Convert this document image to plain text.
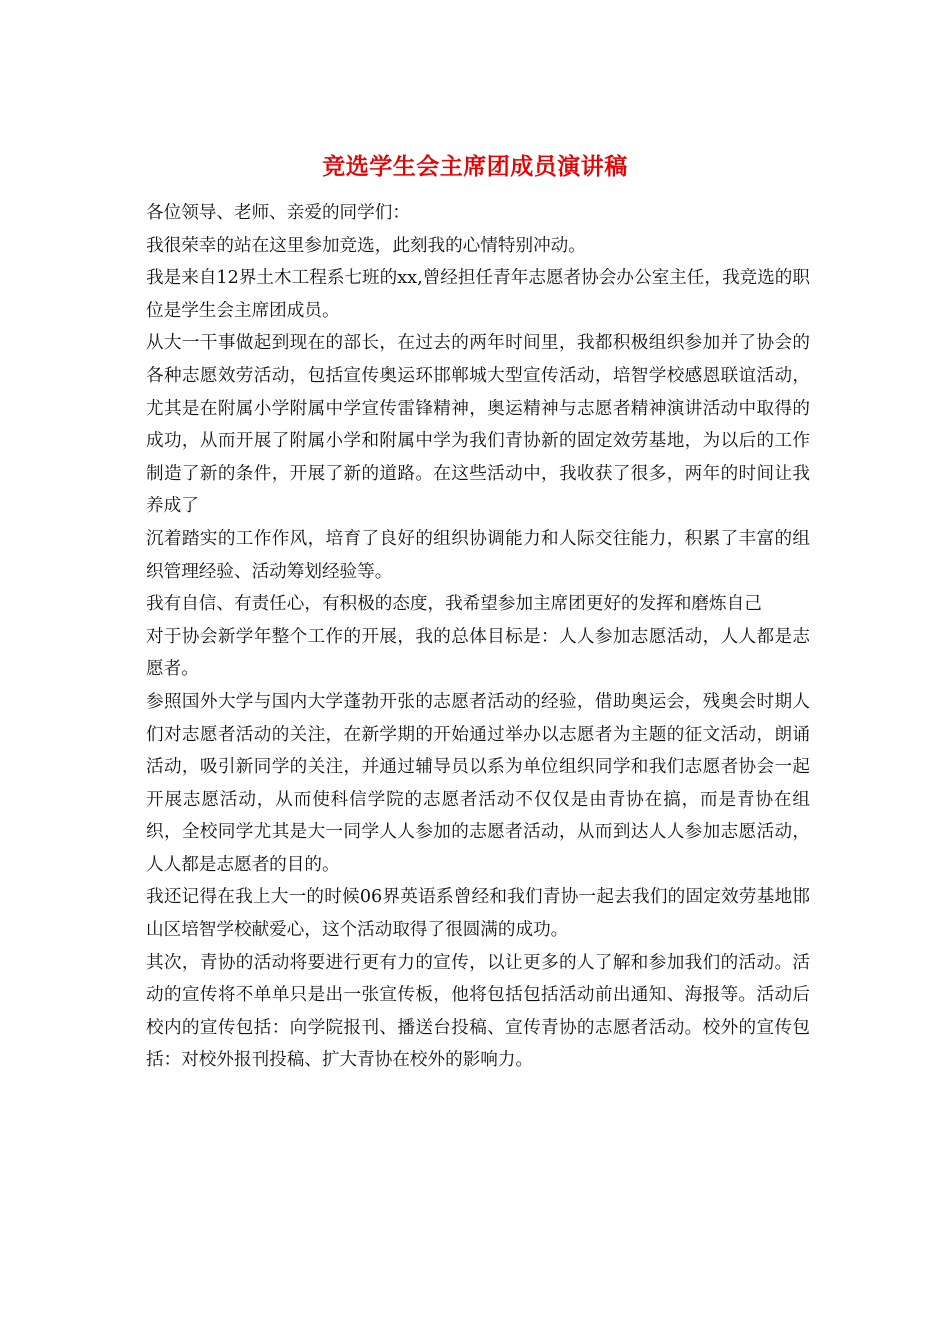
竞选学生会主席团成员演讲稿

各位领导、老师、亲爱的同学们：

我很荣幸的站在这里参加竞选，此刻我的心情特别冲动。

我是来自12界土木工程系七班的xx,曾经担任青年志愿者协会办公室主任，我竞选的职位是学生会主席团成员。

从大一干事做起到现在的部长，在过去的两年时间里，我都积极组织参加并了协会的各种志愿效劳活动，包括宣传奥运环邯郸城大型宣传活动，培智学校感恩联谊活动，尤其是在附属小学附属中学宣传雷锋精神，奥运精神与志愿者精神演讲活动中取得的成功，从而开展了附属小学和附属中学为我们青协新的固定效劳基地，为以后的工作制造了新的条件，开展了新的道路。在这些活动中，我收获了很多，两年的时间让我养成了

沉着踏实的工作作风，培育了良好的组织协调能力和人际交往能力，积累了丰富的组织管理经验、活动筹划经验等。

我有自信、有责任心，有积极的态度，我希望参加主席团更好的发挥和磨炼自己

对于协会新学年整个工作的开展，我的总体目标是：人人参加志愿活动，人人都是志愿者。

参照国外大学与国内大学蓬勃开张的志愿者活动的经验，借助奥运会，残奥会时期人们对志愿者活动的关注，在新学期的开始通过举办以志愿者为主题的征文活动，朗诵活动，吸引新同学的关注，并通过辅导员以系为单位组织同学和我们志愿者协会一起开展志愿活动，从而使科信学院的志愿者活动不仅仅是由青协在搞，而是青协在组织，全校同学尤其是大一同学人人参加的志愿者活动，从而到达人人参加志愿活动，人人都是志愿者的目的。

我还记得在我上大一的时候06界英语系曾经和我们青协一起去我们的固定效劳基地邯山区培智学校献爱心，这个活动取得了很圆满的成功。

其次，青协的活动将要进行更有力的宣传，以让更多的人了解和参加我们的活动。活动的宣传将不单单只是出一张宣传板，他将包括包括活动前出通知、海报等。活动后校内的宣传包括：向学院报刊、播送台投稿、宣传青协的志愿者活动。校外的宣传包括：对校外报刊投稿、扩大青协在校外的影响力。
